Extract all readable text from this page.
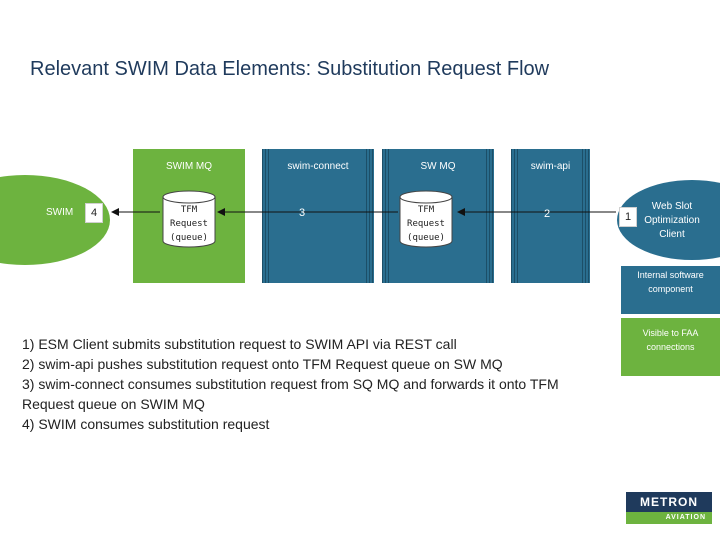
Relevant SWIM Data Elements: Substitution Request Flow
SWIM
SWIM MQ
TFM
Request
(queue)
swim-connect	SW MQ
TFM
Request
(queue)
swim-api
Web Slot Optimization Client
4	3	2	1
Internal software component
Visible to FAA connections
1) ESM Client submits substitution request to SWIM API via REST call
2) swim-api pushes substitution request onto TFM Request queue on SW MQ
3) swim-connect consumes substitution request from SQ MQ and forwards it onto TFM
Request queue on SWIM MQ
4) SWIM consumes substitution request
METRON
AVIATION
